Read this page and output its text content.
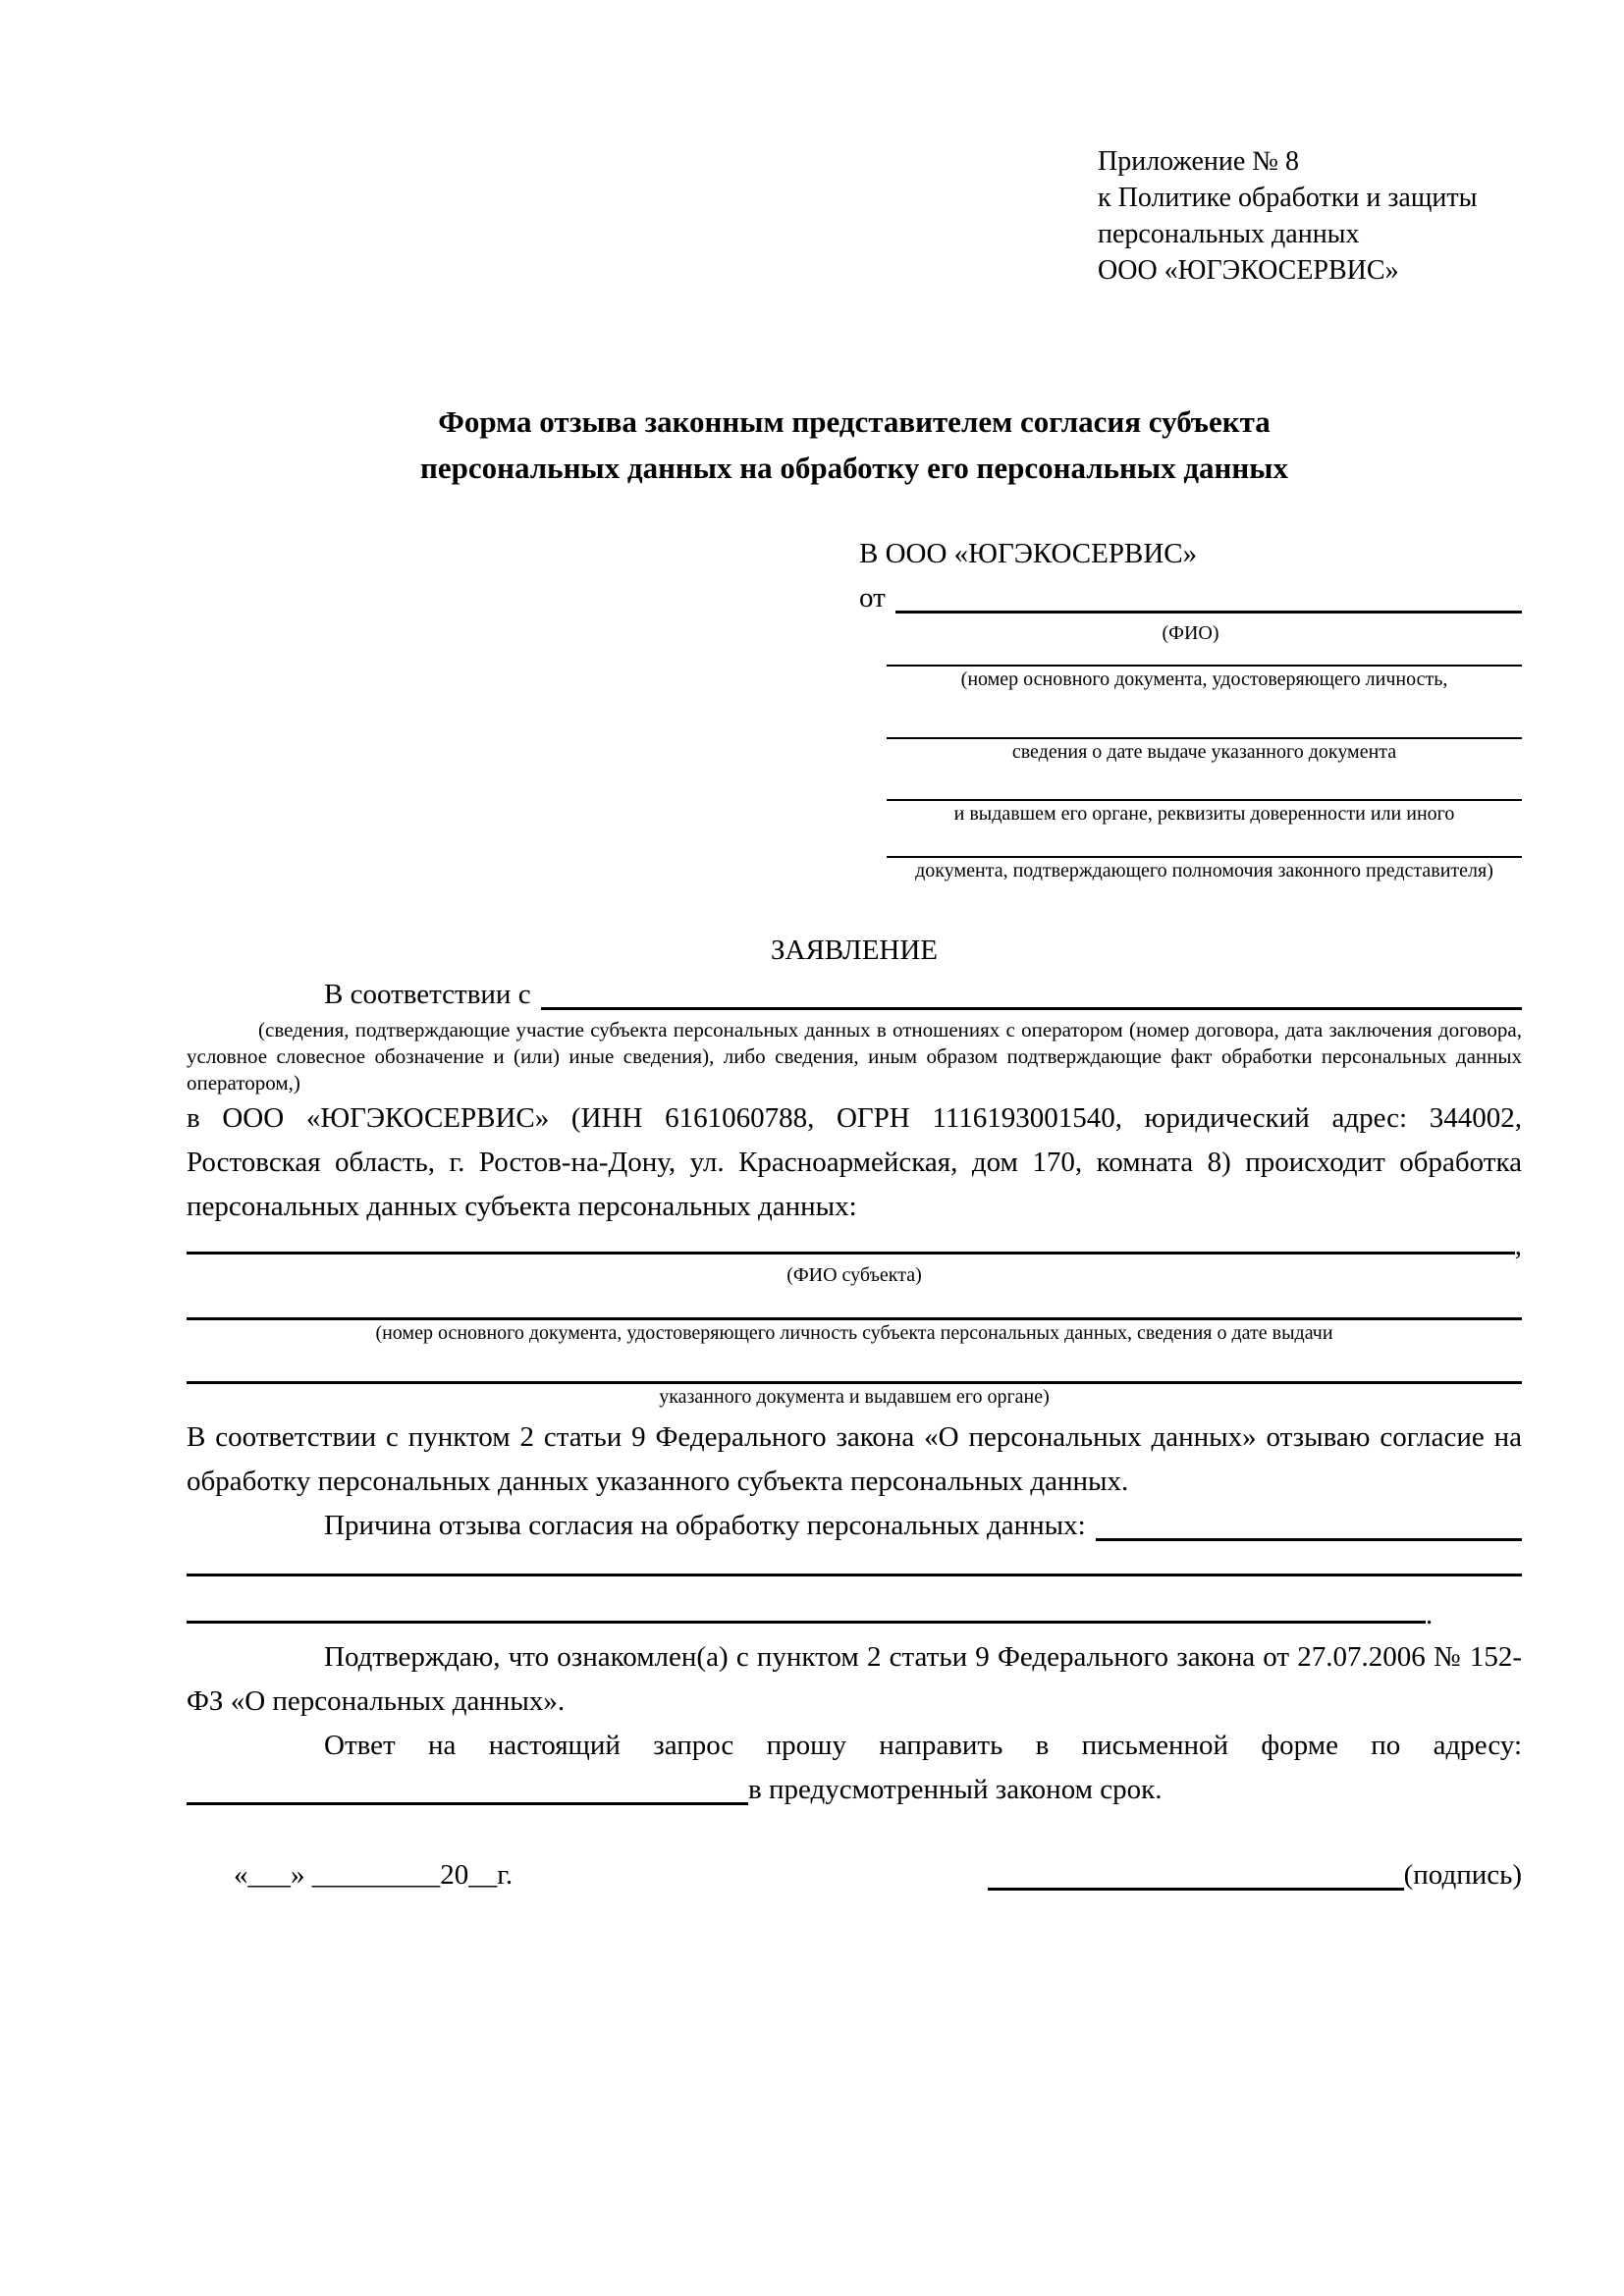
Приложение № 8
к Политике обработки и защиты
персональных данных
ООО «ЮГЭКОСЕРВИС»
Форма отзыва законным представителем согласия субъекта
персональных данных на обработку его персональных данных
В ООО «ЮГЭКОСЕРВИС»
от
(ФИО)
(номер основного документа, удостоверяющего личность,
сведения о дате выдаче указанного документа
и выдавшем его органе, реквизиты доверенности или иного
документа, подтверждающего полномочия законного представителя)
ЗАЯВЛЕНИЕ
В соответствии с
(сведения, подтверждающие участие субъекта персональных данных в отношениях с оператором (номер договора, дата заключения договора, условное словесное обозначение и (или) иные сведения), либо сведения, иным образом подтверждающие факт обработки персональных данных оператором,)
в ООО «ЮГЭКОСЕРВИС» (ИНН 6161060788, ОГРН 1116193001540, юридический адрес: 344002, Ростовская область, г. Ростов-на-Дону, ул. Красноармейская, дом 170, комната 8) происходит обработка персональных данных субъекта персональных данных:
,
(ФИО субъекта)
(номер основного документа, удостоверяющего личность субъекта персональных данных, сведения о дате выдачи
указанного документа и выдавшем его органе)
В соответствии с пунктом 2 статьи 9 Федерального закона «О персональных данных» отзываю согласие на обработку персональных данных указанного субъекта персональных данных.
Причина отзыва согласия на обработку персональных данных:
.
Подтверждаю, что ознакомлен(а) с пунктом 2 статьи 9 Федерального закона от 27.07.2006 № 152-ФЗ «О персональных данных».
Ответ на настоящий запрос прошу направить в письменной форме по адресу:
в предусмотренный законом срок.
«___» _________20__г.	(подпись)
